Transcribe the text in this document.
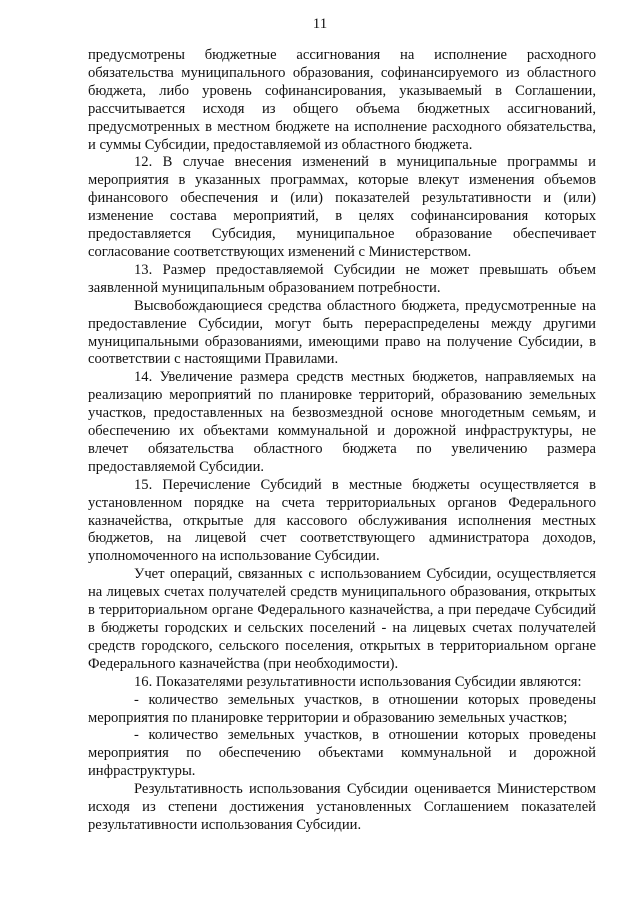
11

предусмотрены бюджетные ассигнования на исполнение расходного обязательства муниципального образования, софинансируемого из областного бюджета, либо уровень софинансирования, указываемый в Соглашении, рассчитывается исходя из общего объема бюджетных ассигнований, предусмотренных в местном бюджете на исполнение расходного обязательства, и суммы Субсидии, предоставляемой из областного бюджета.

12. В случае внесения изменений в муниципальные программы и мероприятия в указанных программах, которые влекут изменения объемов финансового обеспечения и (или) показателей результативности и (или) изменение состава мероприятий, в целях софинансирования которых предоставляется Субсидия, муниципальное образование обеспечивает согласование соответствующих изменений с Министерством.

13. Размер предоставляемой Субсидии не может превышать объем заявленной муниципальным образованием потребности.

Высвобождающиеся средства областного бюджета, предусмотренные на предоставление Субсидии, могут быть перераспределены между другими муниципальными образованиями, имеющими право на получение Субсидии, в соответствии с настоящими Правилами.

14. Увеличение размера средств местных бюджетов, направляемых на реализацию мероприятий по планировке территорий, образованию земельных участков, предоставленных на безвозмездной основе многодетным семьям, и обеспечению их объектами коммунальной и дорожной инфраструктуры, не влечет обязательства областного бюджета по увеличению размера предоставляемой Субсидии.

15. Перечисление Субсидий в местные бюджеты осуществляется в установленном порядке на счета территориальных органов Федерального казначейства, открытые для кассового обслуживания исполнения местных бюджетов, на лицевой счет соответствующего администратора доходов, уполномоченного на использование Субсидии.

Учет операций, связанных с использованием Субсидии, осуществляется на лицевых счетах получателей средств муниципального образования, открытых в территориальном органе Федерального казначейства, а при передаче Субсидий в бюджеты городских и сельских поселений - на лицевых счетах получателей средств городского, сельского поселения, открытых в территориальном органе Федерального казначейства (при необходимости).

16. Показателями результативности использования Субсидии являются:

- количество земельных участков, в отношении которых проведены мероприятия по планировке территории и образованию земельных участков;

- количество земельных участков, в отношении которых проведены мероприятия по обеспечению объектами коммунальной и дорожной инфраструктуры.

Результативность использования Субсидии оценивается Министерством исходя из степени достижения установленных Соглашением показателей результативности использования Субсидии.
